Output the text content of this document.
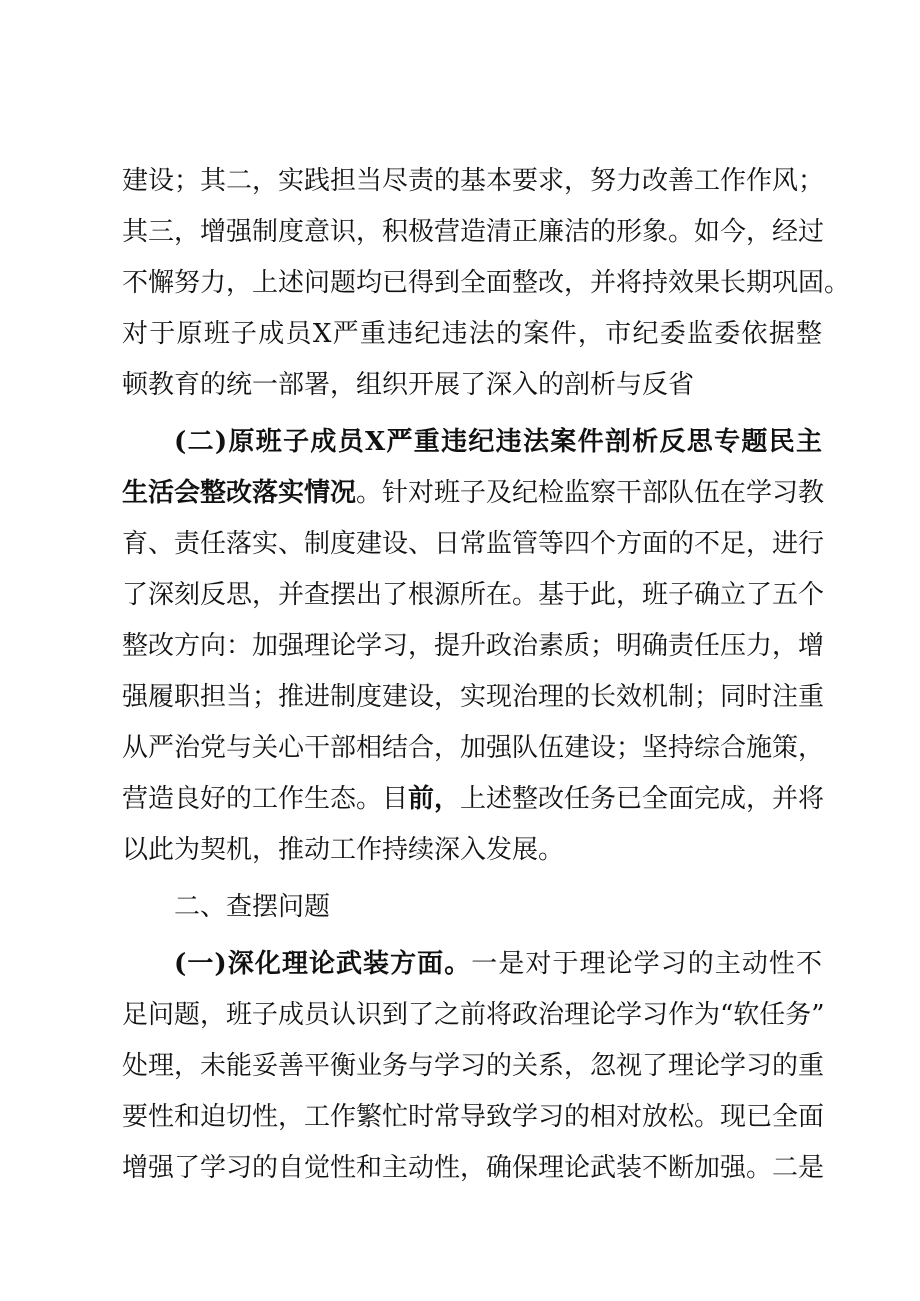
建设；其二，实践担当尽责的基本要求，努力改善工作作风；
其三，增强制度意识，积极营造清正廉洁的形象。如今，经过
不懈努力，上述问题均已得到全面整改，并将持效果长期巩固。
对于原班子成员X严重违纪违法的案件，市纪委监委依据整
顿教育的统一部署，组织开展了深入的剖析与反省
(二)原班子成员X严重违纪违法案件剖析反思专题民主
生活会整改落实情况。针对班子及纪检监察干部队伍在学习教
育、责任落实、制度建设、日常监管等四个方面的不足，进行
了深刻反思，并查摆出了根源所在。基于此，班子确立了五个
整改方向：加强理论学习，提升政治素质；明确责任压力，增
强履职担当；推进制度建设，实现治理的长效机制；同时注重
从严治党与关心干部相结合，加强队伍建设；坚持综合施策，
营造良好的工作生态。目前，上述整改任务已全面完成，并将
以此为契机，推动工作持续深入发展。
二、查摆问题
(一)深化理论武装方面。一是对于理论学习的主动性不
足问题，班子成员认识到了之前将政治理论学习作为“软任务”
处理，未能妥善平衡业务与学习的关系，忽视了理论学习的重
要性和迫切性，工作繁忙时常导致学习的相对放松。现已全面
增强了学习的自觉性和主动性，确保理论武装不断加强。二是
